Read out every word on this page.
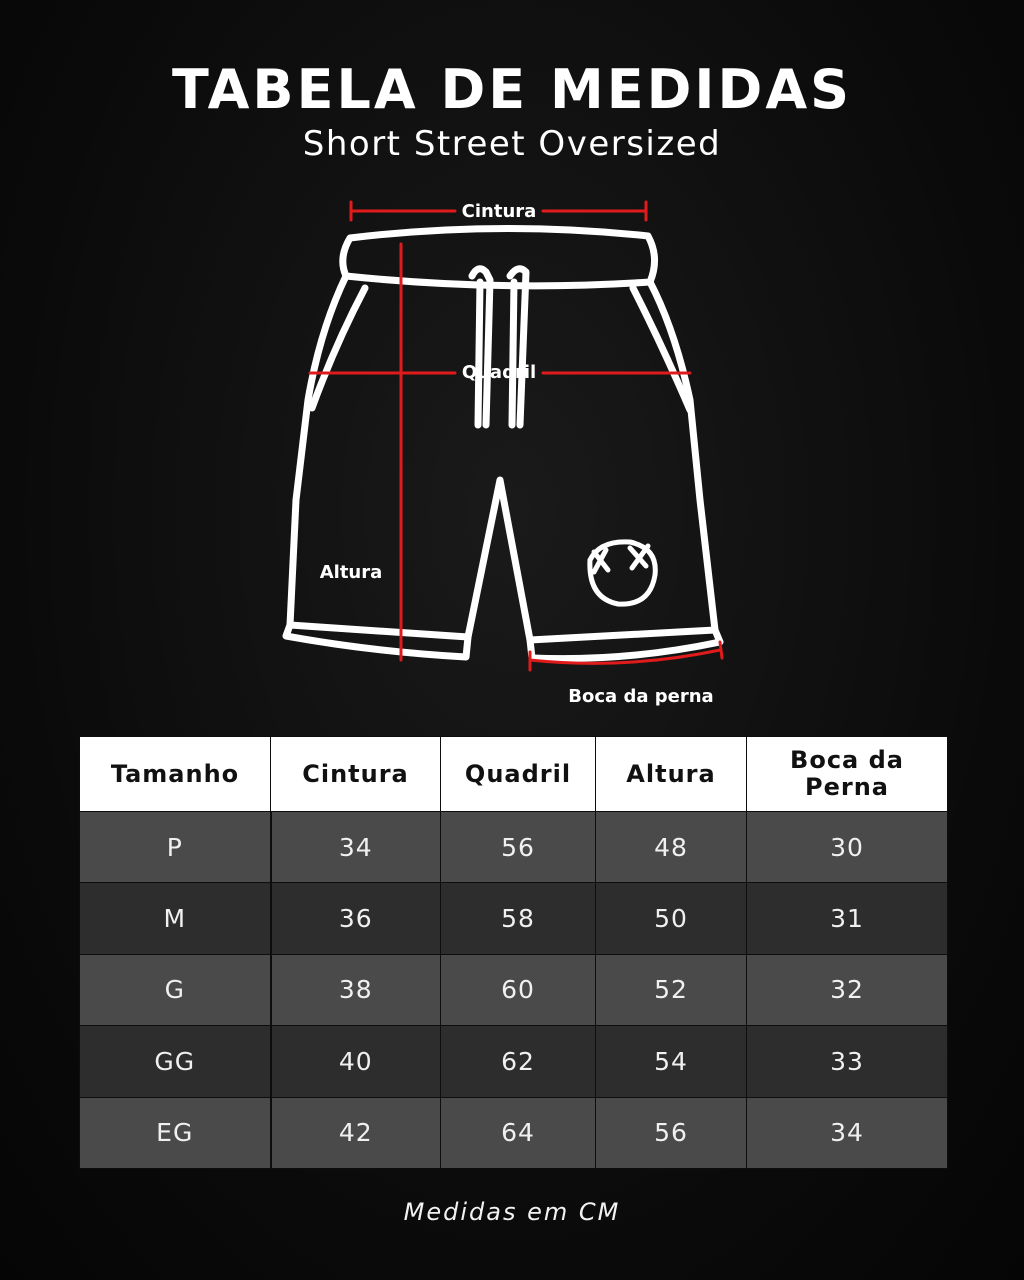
TABELA DE MEDIDAS
Short Street Oversized
Cintura
Quadril
Altura
Boca da perna
Tamanho	Cintura	Quadril	Altura	Boca da Perna
P	34	56	48	30
M	36	58	50	31
G	38	60	52	32
GG	40	62	54	33
EG	42	64	56	34
Medidas em CM
